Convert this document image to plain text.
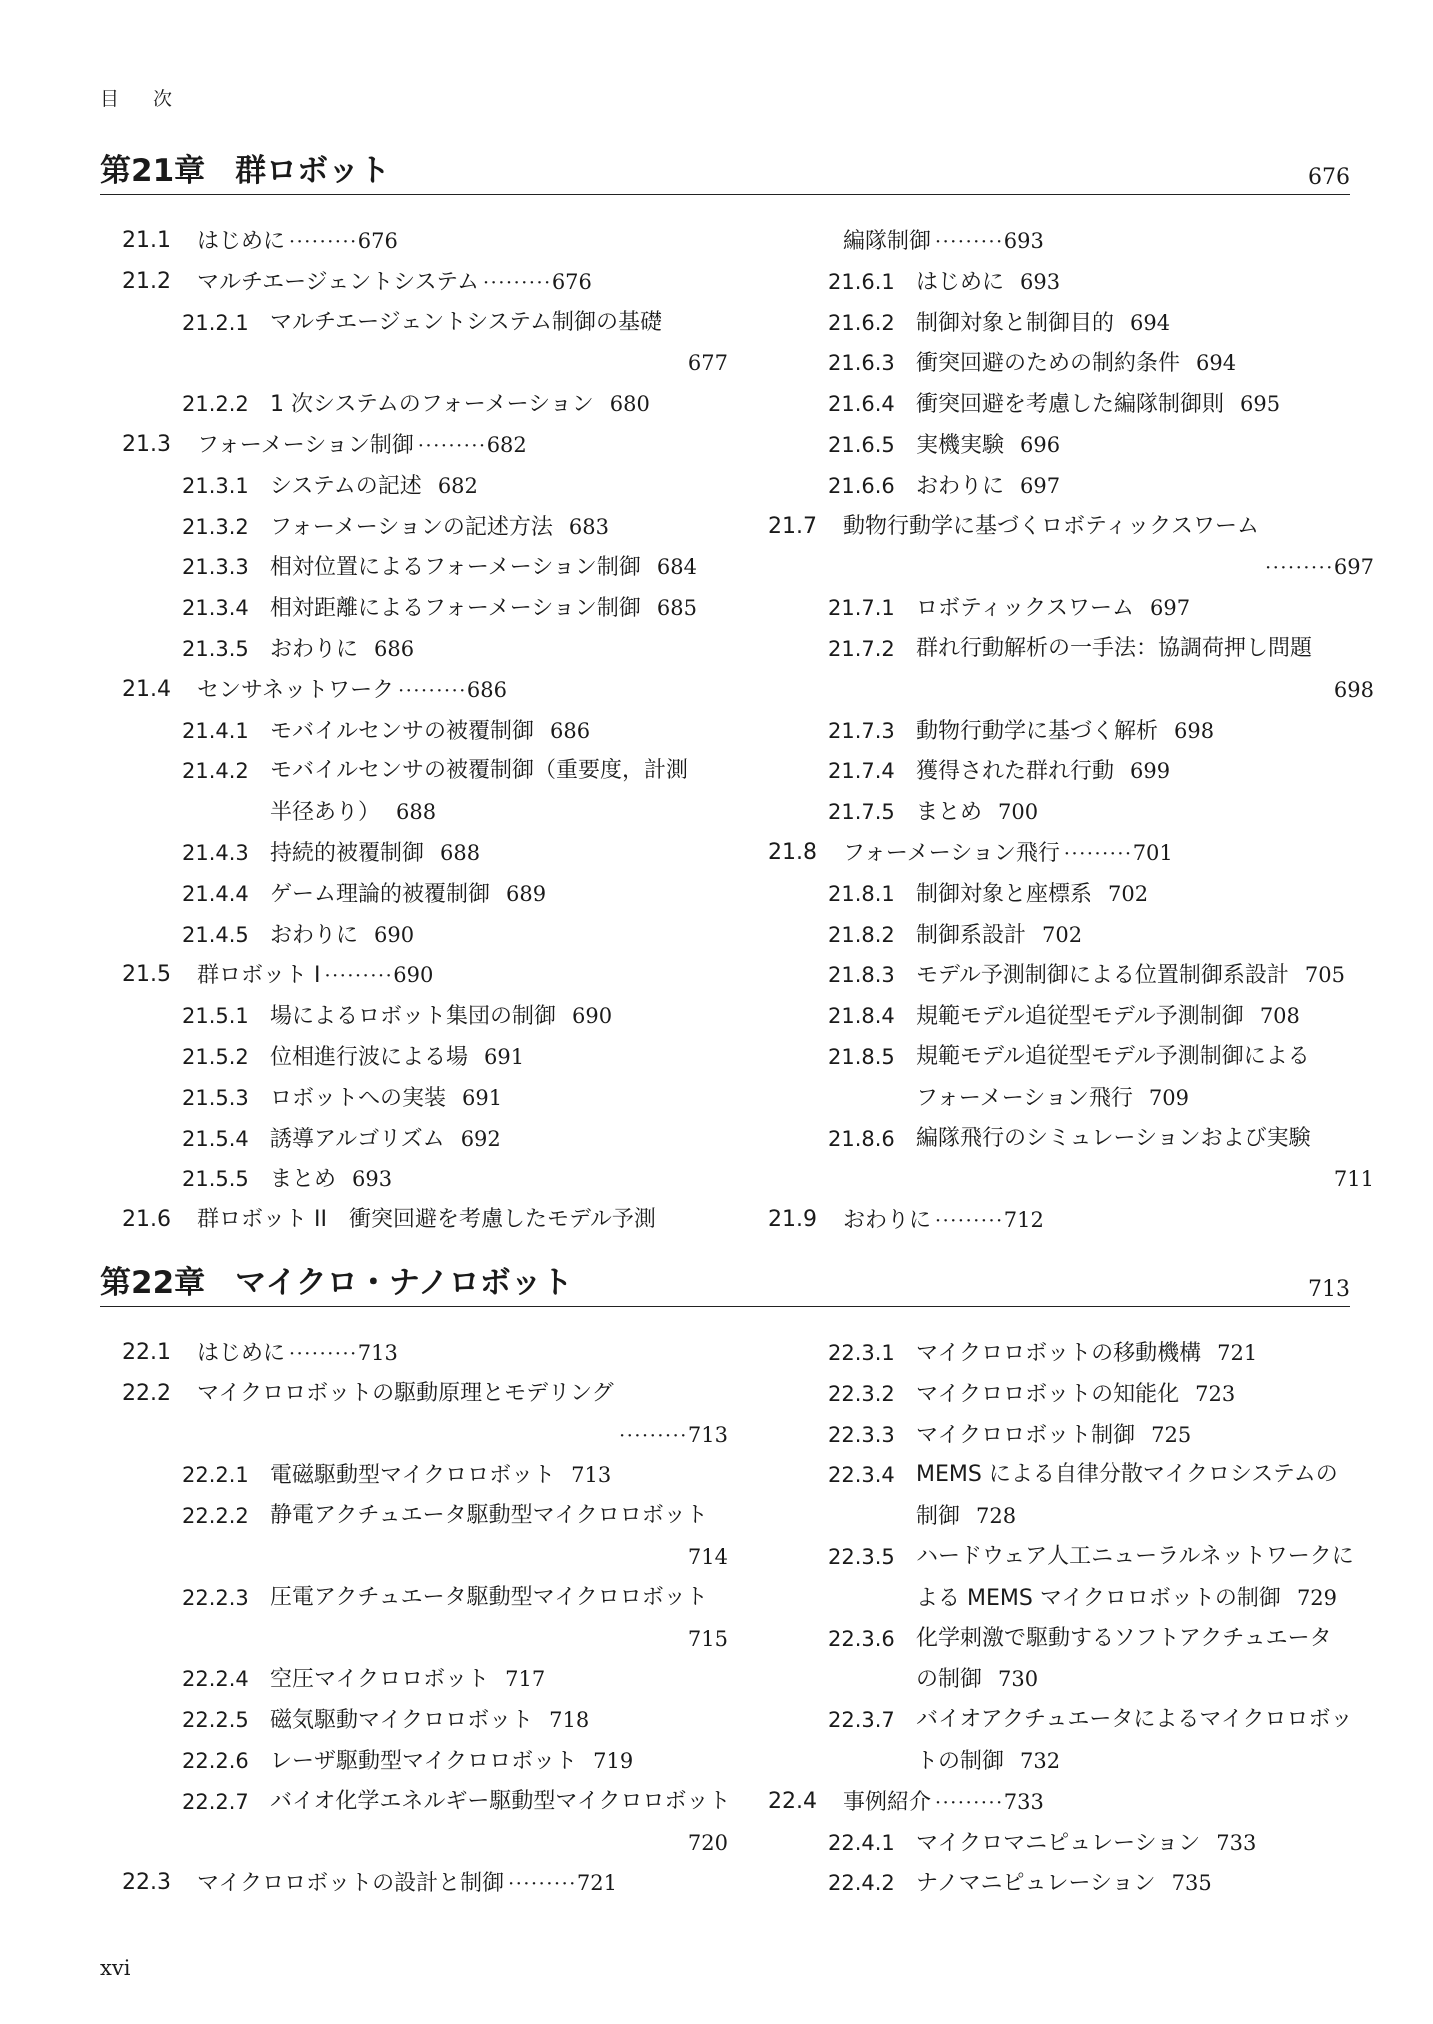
目 次
第21章 群ロボット	676
21.1 はじめに ·········676
21.2 マルチエージェントシステム ·········676
21.2.1 マルチエージェントシステム制御の基礎
677
21.2.2 1 次システムのフォーメーション 680
21.3 フォーメーション制御 ·········682
21.3.1 システムの記述 682
21.3.2 フォーメーションの記述方法 683
21.3.3 相対位置によるフォーメーション制御 684
21.3.4 相対距離によるフォーメーション制御 685
21.3.5 おわりに 686
21.4 センサネットワーク ·········686
21.4.1 モバイルセンサの被覆制御 686
21.4.2 モバイルセンサの被覆制御（重要度，計測
半径あり） 688
21.4.3 持続的被覆制御 688
21.4.4 ゲーム理論的被覆制御 689
21.4.5 おわりに 690
21.5 群ロボット I ·········690
21.5.1 場によるロボット集団の制御 690
21.5.2 位相進行波による場 691
21.5.3 ロボットへの実装 691
21.5.4 誘導アルゴリズム 692
21.5.5 まとめ 693
21.6 群ロボット II　衝突回避を考慮したモデル予測
編隊制御 ·········693
21.6.1 はじめに 693
21.6.2 制御対象と制御目的 694
21.6.3 衝突回避のための制約条件 694
21.6.4 衝突回避を考慮した編隊制御則 695
21.6.5 実機実験 696
21.6.6 おわりに 697
21.7 動物行動学に基づくロボティックスワーム
·········697
21.7.1 ロボティックスワーム 697
21.7.2 群れ行動解析の一手法：協調荷押し問題
698
21.7.3 動物行動学に基づく解析 698
21.7.4 獲得された群れ行動 699
21.7.5 まとめ 700
21.8 フォーメーション飛行 ·········701
21.8.1 制御対象と座標系 702
21.8.2 制御系設計 702
21.8.3 モデル予測制御による位置制御系設計 705
21.8.4 規範モデル追従型モデル予測制御 708
21.8.5 規範モデル追従型モデル予測制御による
フォーメーション飛行 709
21.8.6 編隊飛行のシミュレーションおよび実験
711
21.9 おわりに ·········712
第22章 マイクロ・ナノロボット	713
22.1 はじめに ·········713
22.2 マイクロロボットの駆動原理とモデリング
·········713
22.2.1 電磁駆動型マイクロロボット 713
22.2.2 静電アクチュエータ駆動型マイクロロボット
714
22.2.3 圧電アクチュエータ駆動型マイクロロボット
715
22.2.4 空圧マイクロロボット 717
22.2.5 磁気駆動マイクロロボット 718
22.2.6 レーザ駆動型マイクロロボット 719
22.2.7 バイオ化学エネルギー駆動型マイクロロボット
720
22.3 マイクロロボットの設計と制御 ·········721
22.3.1 マイクロロボットの移動機構 721
22.3.2 マイクロロボットの知能化 723
22.3.3 マイクロロボット制御 725
22.3.4 MEMS による自律分散マイクロシステムの
制御 728
22.3.5 ハードウェア人工ニューラルネットワークに
よる MEMS マイクロロボットの制御 729
22.3.6 化学刺激で駆動するソフトアクチュエータ
の制御 730
22.3.7 バイオアクチュエータによるマイクロロボッ
トの制御 732
22.4 事例紹介 ·········733
22.4.1 マイクロマニピュレーション 733
22.4.2 ナノマニピュレーション 735
xvi
